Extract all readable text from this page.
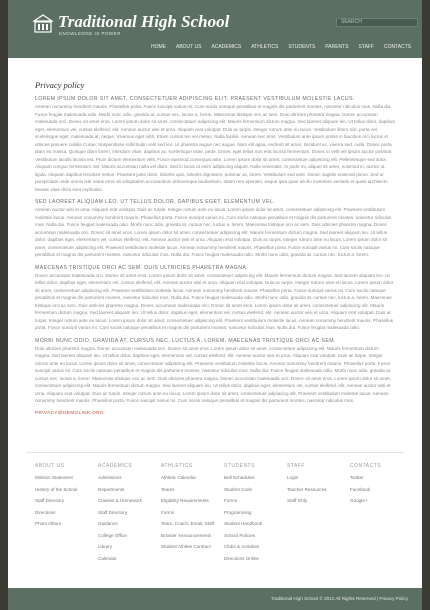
Traditional High School
KNOWLEDGE IS POWER
SEARCH
HOME	ABOUT US	ACADEMICS	ATHLETICS	STUDENTS	PARENTS	STAFF	CONTACTS
Privacy policy
LOREM IPSUM DOLOR SIT AMET, CONSECTETUER ADIPISCING ELIT. PRAESENT VESTIBULUM MOLESTIE LACUS.
Aenean nonummy hendrerit mauris. Phasellus porta. Fusce suscipit varius mi. Cum sociis natoque penatibus et magnis dis parturient montes, nascetur ridiculus mus. Nulla dui. Fusce feugiat malesuada odio. Morbi nunc odio, gravida at, cursus nec, luctus a, lorem. Maecenas tristique orci ac sem. Duis ultricies pharetra magna. Donec accumsan malesuada orci. Donec sit amet eros. Lorem ipsum dolor sit amet, consectetuer adipiscing elit. Mauris fermentum dictum magna. Sed laoreet aliquam leo. Ut tellus dolor, dapibus eget, elementum vel, cursus eleifend, elit. Aenean auctor wisi et urna. Aliquam erat volutpat. Duis ac turpis. Integer rutrum ante eu lacus. Vestibulum libero nisl, porta vel, scelerisque eget, malesuada at, neque. Vivamus eget nibh. Etiam cursus leo vel metus. Nulla facilisi. Aenean nec eros. Vestibulum ante ipsum primis in faucibus orci luctus et ultrices posuere cubilia Curae; Suspendisse sollicitudin velit sed leo. Ut pharetra augue nec augue. Nam elit agna, endrerit sit amet, tincidunt ac, viverra sed, nulla. Donec porta diam eu massa. Quisque diam lorem, interdum vitae, dapibus ac, scelerisque vitae, pede. Donec eget tellus non erat lacinia fermentum. Donec in velit vel ipsum auctor pulvinar. Vestibulum iaculis lacinia est. Proin dictum elementum velit. Fusce euismod consequat ante. Lorem ipsum dolor sit amet, consectetuer adipiscing elit. Pellentesque sed dolor. Aliquam congue fermentum nisl. Mauris accumsan nulla vel diam. Sed in lacus ut enim adipiscing aliquet. Nulla venenatis. In pede mi, aliquet sit amet, euismod in, auctor ut, ligula. Aliquam dapibus tincidunt metus. Praesent justo dolor, lobortis quis, lobortis dignissim, pulvinar ac, lorem. Vestibulum sed ante. Donec sagittis euismod purus. Sed ut perspiciatis unde omnis iste natus error sit voluptatem accusantium doloremque laudantium, totam rem aperiam, eaque ipsa quae ab illo inventore veritatis et quasi architecto beatae vitae dicta sunt explicabo.
SED LAOREET ALIQUAM LEO. UT TELLUS DOLOR, DAPIBUS EGET, ELEMENTUM VEL.
Aenean auctor wisi et urna. Aliquam erat volutpat. Duis ac turpis. Integer rutrum ante eu lacus. Lorem ipsum dolor sit amet, consectetuer adipiscing elit. Praesent vestibulum molestie lacus. Aenean nonummy hendrerit mauris. Phasellus porta. Fusce suscipit varius mi. Cum sociis natoque penatibus et magnis dis parturient montes, nascetur ridiculus mus. Nulla dui. Fusce feugiat malesuada odio. Morbi nunc odio, gravida at, cursus nec, luctus a, lorem. Maecenas tristique orci ac sem. Duis ultricies pharetra magna. Donec accumsan malesuada orci. Donec sit amet eros. Lorem ipsum dolor sit amet, consectetuer adipiscing elit. Mauris fermentum dictum magna. Sed laoreet aliquam leo. Ut tellus dolor, dapibus eget, elementum vel, cursus eleifend, elit. Aenean auctor wisi et urna. Aliquam erat volutpat. Duis ac turpis. Integer rutrum ante eu lacus. Lorem ipsum dolor sit amet, consectetuer adipiscing elit. Praesent vestibulum molestie lacus. Aenean nonummy hendrerit mauris. Phasellus porta. Fusce suscipit varius mi. Cum sociis natoque penatibus et magnis dis parturient montes, nascetur ridiculus mus. Nulla dui. Fusce feugiat malesuada odio. Morbi nunc odio, gravida at, cursus nec, luctus a, lorem.
MAECENAS TRISTIQUE ORCI AC SEM. DUIS ULTRICIES PHARETRA MAGNA.
Donec accumsan malesuada orci. Donec sit amet eros. Lorem ipsum dolor sit amet, consectetuer adipiscing elit. Mauris fermentum dictum magna. Sed laoreet aliquam leo. Ut tellus dolor, dapibus eget, elementum vel, cursus eleifend, elit. Aenean auctor wisi et urna. Aliquam erat volutpat. Duis ac turpis. Integer rutrum ante eu lacus. Lorem ipsum dolor sit amet, consectetuer adipiscing elit. Praesent vestibulum molestie lacus. Aenean nonummy hendrerit mauris. Phasellus porta. Fusce suscipit varius mi. Cum sociis natoque penatibus et magnis dis parturient montes, nascetur ridiculus mus. Nulla dui. Fusce feugiat malesuada odio. Morbi nunc odio, gravida at, cursus nec, luctus a, lorem. Maecenas tristique orci ac sem. Duis ultricies pharetra magna. Donec accumsan malesuada orci. Donec sit amet eros. Lorem ipsum dolor sit amet, consectetuer adipiscing elit. Mauris fermentum dictum magna. Sed laoreet aliquam leo. Ut tellus dolor, dapibus eget, elementum vel, cursus eleifend, elit. Aenean auctor wisi et urna. Aliquam erat volutpat. Duis ac turpis. Integer rutrum ante eu lacus. Lorem ipsum dolor sit amet, consectetuer adipiscing elit. Praesent vestibulum molestie lacus. Aenean nonummy hendrerit mauris. Phasellus porta. Fusce suscipit varius mi. Cum sociis natoque penatibus et magnis dis parturient montes, nascetur ridiculus mus. Nulla dui. Fusce feugiat malesuada odio.
MORBI NUNC ODIO, GRAVIDA AT, CURSUS NEC, LUCTUS A, LOREM. MAECENAS TRISTIQUE ORCI AC SEM.
Duis ultricies pharetra magna. Donec accumsan malesuada orci. Donec sit amet eros. Lorem ipsum dolor sit amet, consectetuer adipiscing elit. Mauris fermentum dictum magna. Sed laoreet aliquam leo. Ut tellus dolor, dapibus eget, elementum vel, cursus eleifend, elit. Aenean auctor wisi et urna. Aliquam erat volutpat. Duis ac turpis. Integer rutrum ante eu lacus. Lorem ipsum dolor sit amet, consectetuer adipiscing elit. Praesent vestibulum molestie lacus. Aenean nonummy hendrerit mauris. Phasellus porta. Fusce suscipit varius mi. Cum sociis natoque penatibus et magnis dis parturient montes, nascetur ridiculus mus. Nulla dui. Fusce feugiat malesuada odio. Morbi nunc odio, gravida at, cursus nec, luctus a, lorem. Maecenas tristique orci ac sem. Duis ultricies pharetra magna. Donec accumsan malesuada orci. Donec sit amet eros. Lorem ipsum dolor sit amet, consectetuer adipiscing elit. Mauris fermentum dictum magna. Sed laoreet aliquam leo. Ut tellus dolor, dapibus eget, elementum vel, cursus eleifend, elit. Aenean auctor wisi et urna. Aliquam erat volutpat. Duis ac turpis. Integer rutrum ante eu lacus. Lorem ipsum dolor sit amet, consectetuer adipiscing elit. Praesent vestibulum molestie lacus. Aenean nonummy hendrerit mauris. Phasellus porta. Fusce suscipit varius mi. Cum sociis natoque penatibus et magnis dis parturient montes, nascetur ridiculus mus.
PRIVACY@DEMOLINK.ORG
ABOUT US
Mission Statement
History of the School
Staff Directory
Directions
Photo Album
ACADEMICS
Admissions
Departments
Classes & Homework
Staff Directory
Guidance
College Office
Library
Calendar
ATHLETICS
Athletic Calendar
Teams
Eligibility Requirements
Forms
Team, Coach, Email, Staff
Booster Announcements
Student Athlete Contract
STUDENTS
Bell Schedules
Student Code
Forms
Programming
Student Handbook
School Policies
Clubs & Activities
Directions Online
STAFF
Login
Teacher Resources
Staff Only
CONTACTS
Twitter
Facebook
Google+
Traditional High School © 2012 All Rights Reserved | Privacy Policy
